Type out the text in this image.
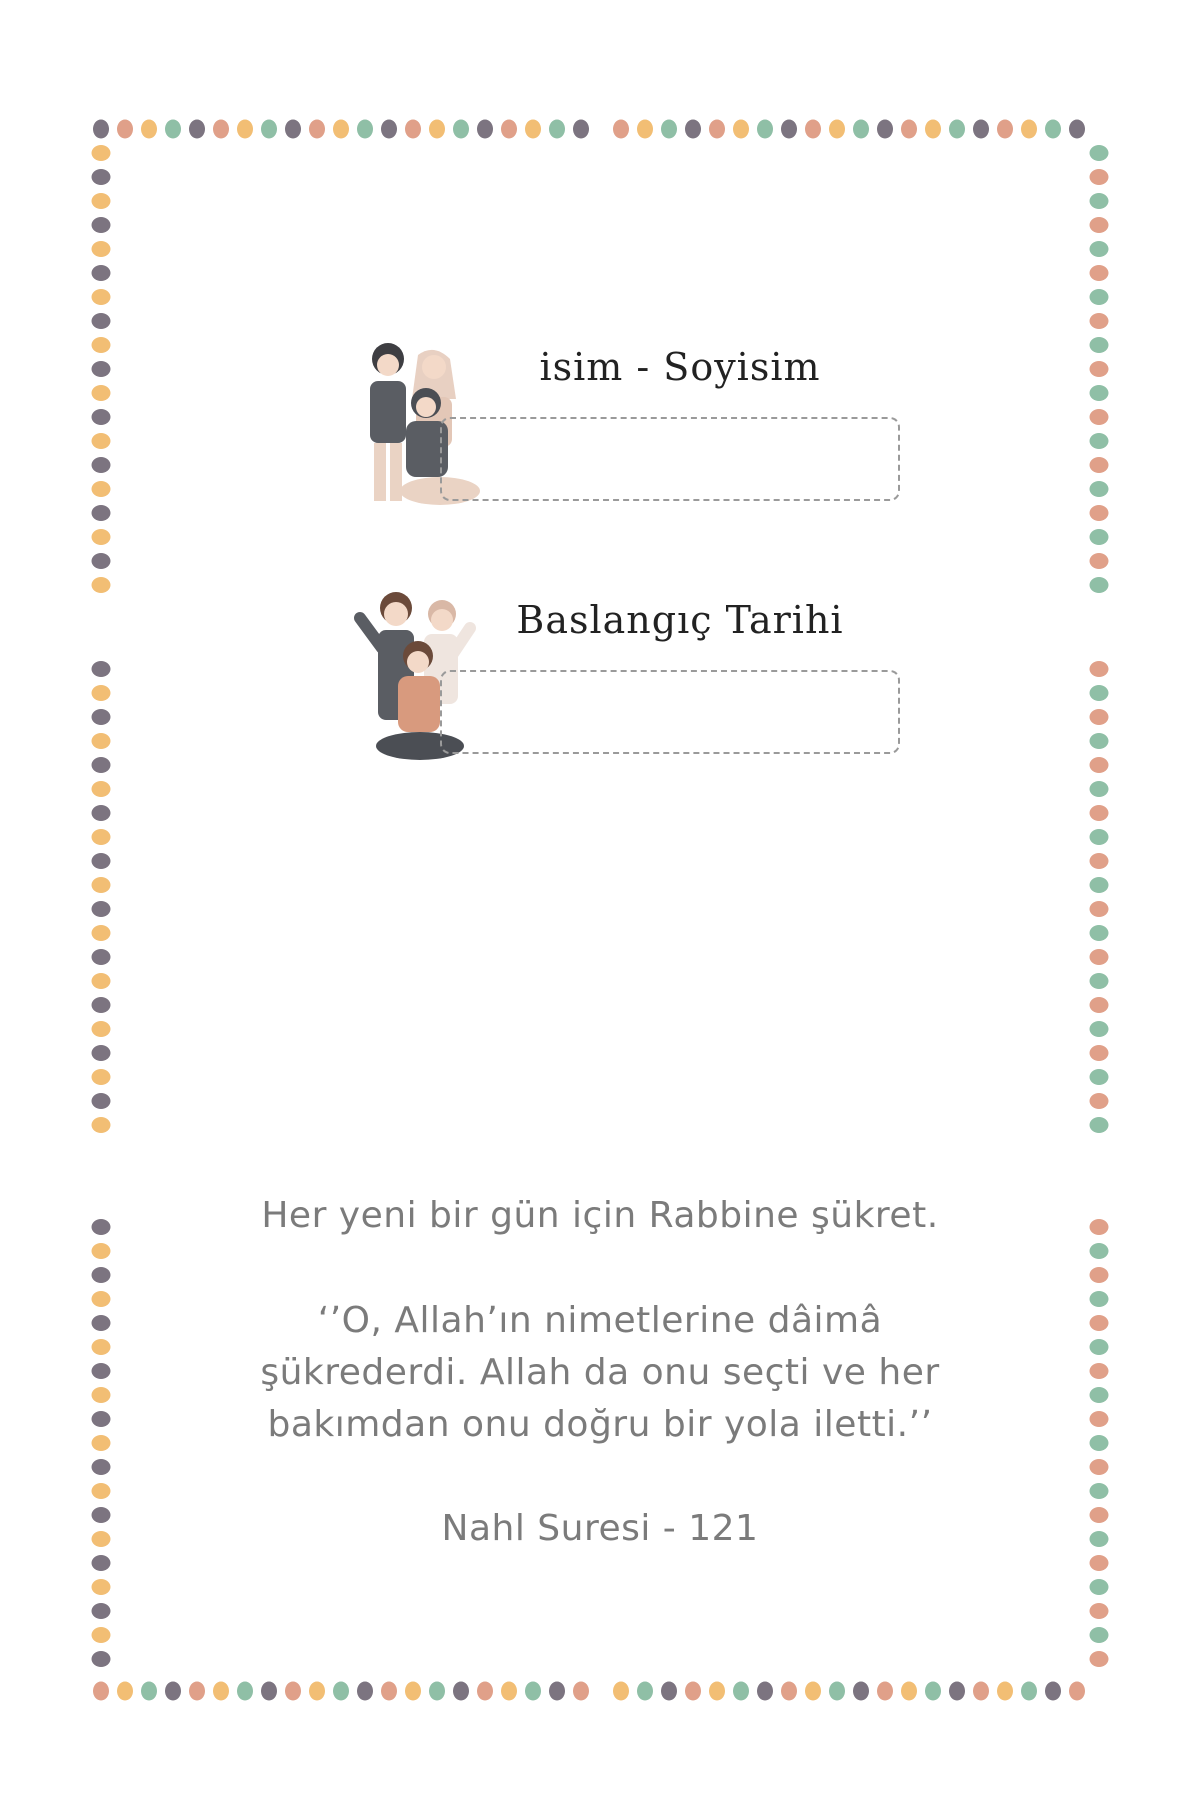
isim - Soyisim
Baslangıç Tarihi
Her yeni bir gün için Rabbine şükret.
‘’O, Allah’ın nimetlerine dâimâ
şükrederdi. Allah da onu seçti ve her
bakımdan onu doğru bir yola iletti.’’
Nahl Suresi - 121
